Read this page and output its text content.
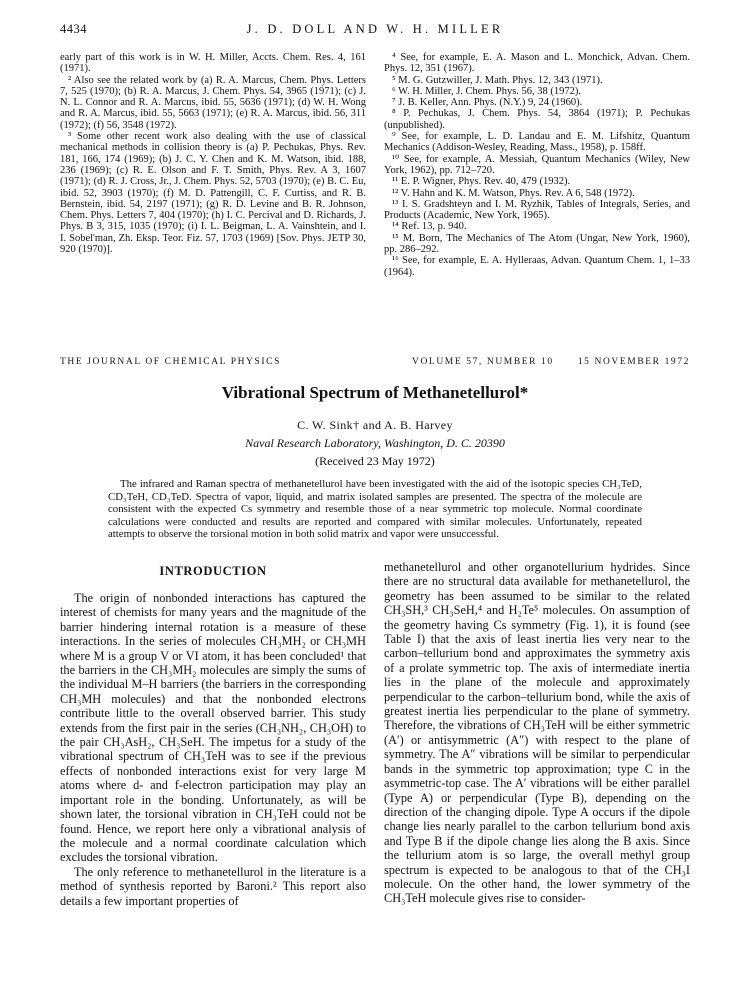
4434	J. D. DOLL AND W. H. MILLER

early part of this work is in W. H. Miller, Accts. Chem. Res. 4, 161 (1971).

² Also see the related work by (a) R. A. Marcus, Chem. Phys. Letters 7, 525 (1970); (b) R. A. Marcus, J. Chem. Phys. 54, 3965 (1971); (c) J. N. L. Connor and R. A. Marcus, ibid. 55, 5636 (1971); (d) W. H. Wong and R. A. Marcus, ibid. 55, 5663 (1971); (e) R. A. Marcus, ibid. 56, 311 (1972); (f) 56, 3548 (1972).

³ Some other recent work also dealing with the use of classical mechanical methods in collision theory is (a) P. Pechukas, Phys. Rev. 181, 166, 174 (1969); (b) J. C. Y. Chen and K. M. Watson, ibid. 188, 236 (1969); (c) R. E. Olson and F. T. Smith, Phys. Rev. A 3, 1607 (1971); (d) R. J. Cross, Jr., J. Chem. Phys. 52, 5703 (1970); (e) B. C. Eu, ibid. 52, 3903 (1970); (f) M. D. Pattengill, C. F. Curtiss, and R. B. Bernstein, ibid. 54, 2197 (1971); (g) R. D. Levine and B. R. Johnson, Chem. Phys. Letters 7, 404 (1970); (h) I. C. Percival and D. Richards, J. Phys. B 3, 315, 1035 (1970); (i) I. L. Beigman, L. A. Vainshtein, and I. I. Sobel'man, Zh. Eksp. Teor. Fiz. 57, 1703 (1969) [Sov. Phys. JETP 30, 920 (1970)].

⁴ See, for example, E. A. Mason and L. Monchick, Advan. Chem. Phys. 12, 351 (1967).

⁵ M. G. Gutzwiller, J. Math. Phys. 12, 343 (1971).

⁶ W. H. Miller, J. Chem. Phys. 56, 38 (1972).

⁷ J. B. Keller, Ann. Phys. (N.Y.) 9, 24 (1960).

⁸ P. Pechukas, J. Chem. Phys. 54, 3864 (1971); P. Pechukas (unpublished).

⁹ See, for example, L. D. Landau and E. M. Lifshitz, Quantum Mechanics (Addison-Wesley, Reading, Mass., 1958), p. 158ff.

¹⁰ See, for example, A. Messiah, Quantum Mechanics (Wiley, New York, 1962), pp. 712–720.

¹¹ E. P. Wigner, Phys. Rev. 40, 479 (1932).

¹² V. Hahn and K. M. Watson, Phys. Rev. A 6, 548 (1972).

¹³ I. S. Gradshteyn and I. M. Ryzhik, Tables of Integrals, Series, and Products (Academic, New York, 1965).

¹⁴ Ref. 13, p. 940.

¹⁵ M. Born, The Mechanics of The Atom (Ungar, New York, 1960), pp. 286–292.

¹⁶ See, for example, E. A. Hylleraas, Advan. Quantum Chem. 1, 1–33 (1964).

THE JOURNAL OF CHEMICAL PHYSICS	VOLUME 57, NUMBER 10	15 NOVEMBER 1972
Vibrational Spectrum of Methanetellurol*
C. W. Sink† and A. B. Harvey
Naval Research Laboratory, Washington, D. C. 20390
(Received 23 May 1972)

The infrared and Raman spectra of methanetellurol have been investigated with the aid of the isotopic species CH₃TeD, CD₃TeH, CD₃TeD. Spectra of vapor, liquid, and matrix isolated samples are presented. The spectra of the molecule are consistent with the expected Cs symmetry and resemble those of a near symmetric top molecule. Normal coordinate calculations were conducted and results are reported and compared with similar molecules. Unfortunately, repeated attempts to observe the torsional motion in both solid matrix and vapor were unsuccessful.

INTRODUCTION

The origin of nonbonded interactions has captured the interest of chemists for many years and the magnitude of the barrier hindering internal rotation is a measure of these interactions. In the series of molecules CH₃MH₂ or CH₃MH where M is a group V or VI atom, it has been concluded¹ that the barriers in the CH₃MH₂ molecules are simply the sums of the individual M–H barriers (the barriers in the corresponding CH₃MH molecules) and that the nonbonded electrons contribute little to the overall observed barrier. This study extends from the first pair in the series (CH₃NH₂, CH₃OH) to the pair CH₃AsH₂, CH₃SeH. The impetus for a study of the vibrational spectrum of CH₃TeH was to see if the previous effects of nonbonded interactions exist for very large M atoms where d- and f-electron participation may play an important role in the bonding. Unfortunately, as will be shown later, the torsional vibration in CH₃TeH could not be found. Hence, we report here only a vibrational analysis of the molecule and a normal coordinate calculation which excludes the torsional vibration.

The only reference to methanetellurol in the literature is a method of synthesis reported by Baroni.² This report also details a few important properties of

methanetellurol and other organotellurium hydrides. Since there are no structural data available for methanetellurol, the geometry has been assumed to be similar to the related CH₃SH,³ CH₃SeH,⁴ and H₂Te⁵ molecules. On assumption of the geometry having Cs symmetry (Fig. 1), it is found (see Table I) that the axis of least inertia lies very near to the carbon–tellurium bond and approximates the symmetry axis of a prolate symmetric top. The axis of intermediate inertia lies in the plane of the molecule and approximately perpendicular to the carbon–tellurium bond, while the axis of greatest inertia lies perpendicular to the plane of symmetry. Therefore, the vibrations of CH₃TeH will be either symmetric (A′) or antisymmetric (A″) with respect to the plane of symmetry. The A″ vibrations will be similar to perpendicular bands in the symmetric top approximation; type C in the asymmetric-top case. The A′ vibrations will be either parallel (Type A) or perpendicular (Type B), depending on the direction of the changing dipole. Type A occurs if the dipole change lies nearly parallel to the carbon tellurium bond axis and Type B if the dipole change lies along the B axis. Since the tellurium atom is so large, the overall methyl group spectrum is expected to be analogous to that of the CH₃I molecule. On the other hand, the lower symmetry of the CH₃TeH molecule gives rise to consider-
